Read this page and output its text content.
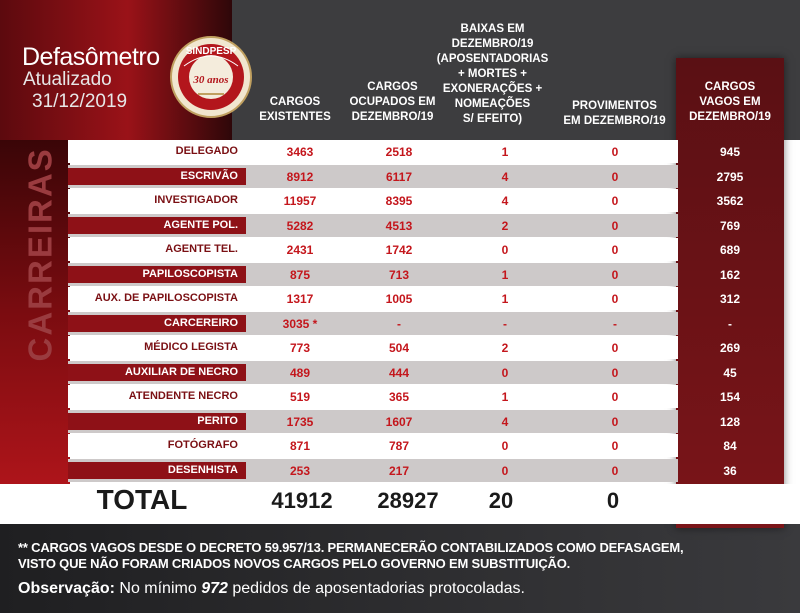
Defasômetro
Atualizado
31/12/2019
SINDPESP
30 anos
CARGOS
EXISTENTES
CARGOS
OCUPADOS EM
DEZEMBRO/19
BAIXAS EM DEZEMBRO/19
(APOSENTADORIAS
+ MORTES +
EXONERAÇÕES +
NOMEAÇÕES
S/ EFEITO)
PROVIMENTOS
EM DEZEMBRO/19
CARGOS
VAGOS EM
DEZEMBRO/19
DELEGADO	3463	2518	1	0	945
ESCRIVÃO	8912	6117	4	0	2795
INVESTIGADOR	11957	8395	4	0	3562
AGENTE POL.	5282	4513	2	0	769
AGENTE TEL.	2431	1742	0	0	689
PAPILOSCOPISTA	875	713	1	0	162
AUX. DE PAPILOSCOPISTA	1317	1005	1	0	312
CARCEREIRO	3035 *	-	-	-	-
MÉDICO LEGISTA	773	504	2	0	269
AUXILIAR DE NECRO	489	444	0	0	45
ATENDENTE NECRO	519	365	1	0	154
PERITO	1735	1607	4	0	128
FOTÓGRAFO	871	787	0	0	84
DESENHISTA	253	217	0	0	36
TOTAL	41912	28927	20	0	12985
** CARGOS VAGOS DESDE O DECRETO 59.957/13. PERMANECERÃO CONTABILIZADOS COMO DEFASAGEM,
VISTO QUE NÃO FORAM CRIADOS NOVOS CARGOS PELO GOVERNO EM SUBSTITUIÇÃO.
Observação: No mínimo 972 pedidos de aposentadorias protocoladas.
